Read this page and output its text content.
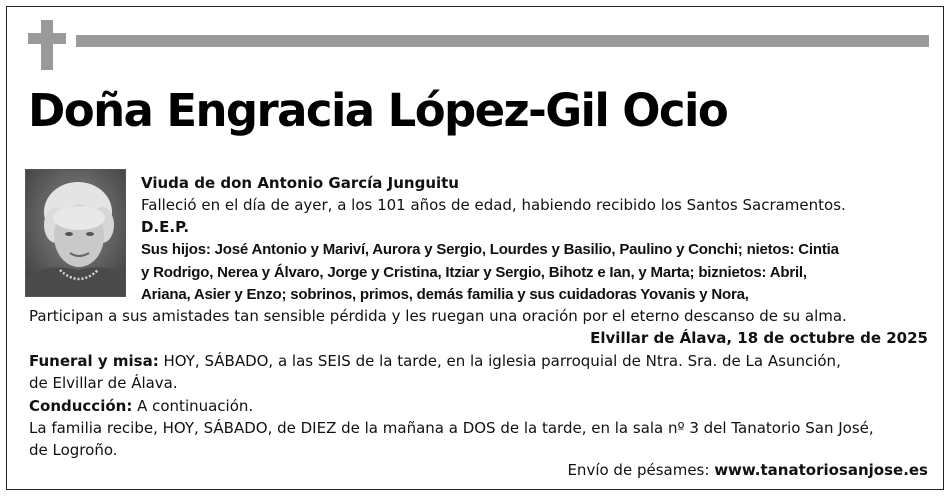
Doña Engracia López-Gil Ocio
Viuda de don Antonio García Junguitu
Falleció en el día de ayer, a los 101 años de edad, habiendo recibido los Santos Sacramentos.
D.E.P.
Sus hijos: José Antonio y Mariví, Aurora y Sergio, Lourdes y Basilio, Paulino y Conchi; nietos: Cintia
y Rodrigo, Nerea y Álvaro, Jorge y Cristina, Itziar y Sergio, Bihotz e Ian, y Marta; biznietos: Abril,
Ariana, Asier y Enzo; sobrinos, primos, demás familia y sus cuidadoras Yovanis y Nora,
Participan a sus amistades tan sensible pérdida y les ruegan una oración por el eterno descanso de su alma.
Elvillar de Álava, 18 de octubre de 2025
Funeral y misa: HOY, SÁBADO, a las SEIS de la tarde, en la iglesia parroquial de Ntra. Sra. de La Asunción,
de Elvillar de Álava.
Conducción: A continuación.
La familia recibe, HOY, SÁBADO, de DIEZ de la mañana a DOS de la tarde, en la sala nº 3 del Tanatorio San José,
de Logroño.
Envío de pésames: www.tanatoriosanjose.es
